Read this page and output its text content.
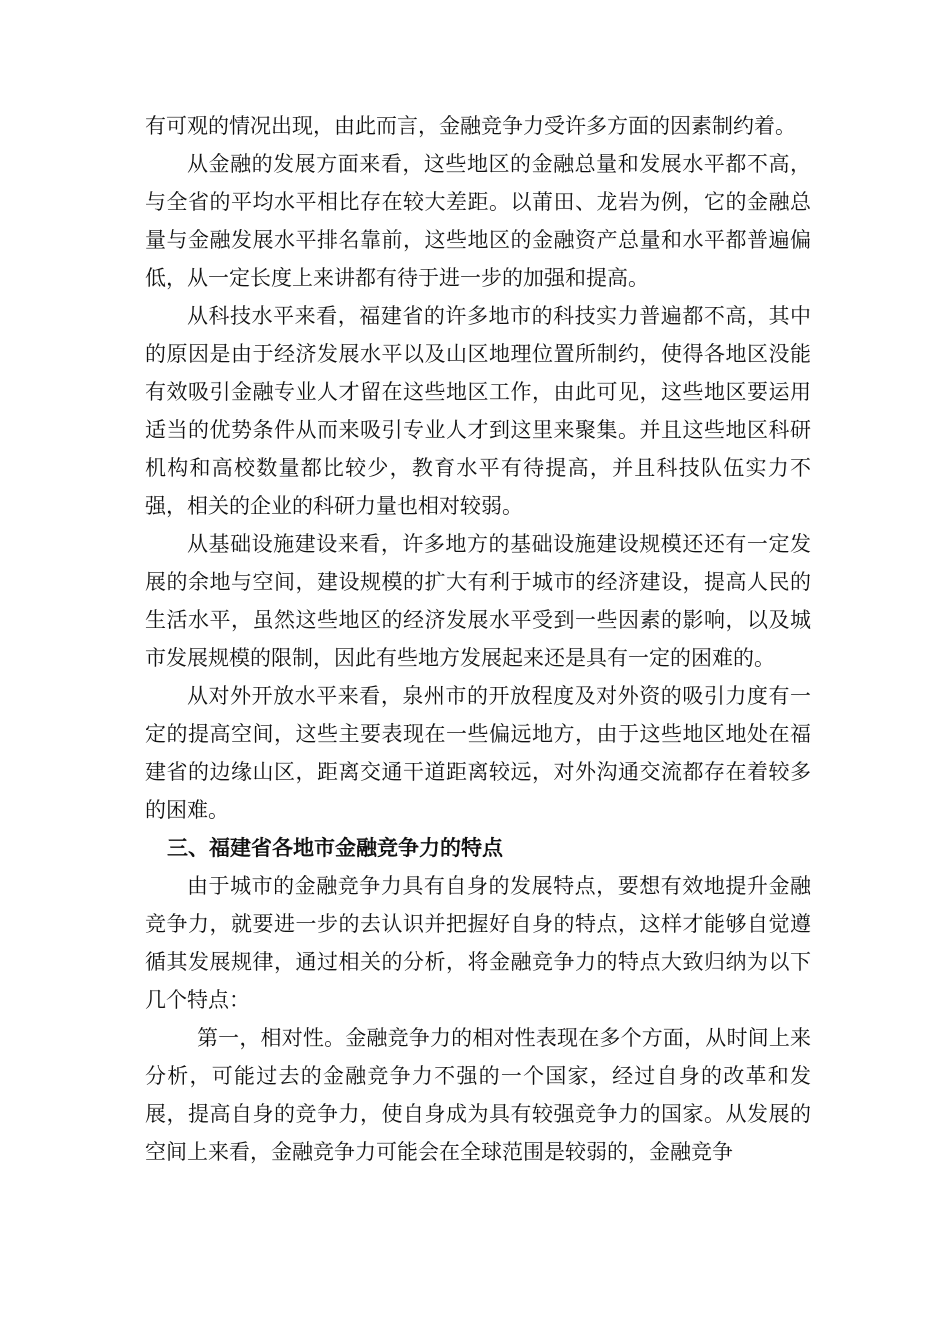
有可观的情况出现，由此而言，金融竞争力受许多方面的因素制约着。

从金融的发展方面来看，这些地区的金融总量和发展水平都不高，与全省的平均水平相比存在较大差距。以莆田、龙岩为例，它的金融总量与金融发展水平排名靠前，这些地区的金融资产总量和水平都普遍偏低，从一定长度上来讲都有待于进一步的加强和提高。

从科技水平来看，福建省的许多地市的科技实力普遍都不高，其中的原因是由于经济发展水平以及山区地理位置所制约，使得各地区没能有效吸引金融专业人才留在这些地区工作，由此可见，这些地区要运用适当的优势条件从而来吸引专业人才到这里来聚集。并且这些地区科研机构和高校数量都比较少，教育水平有待提高，并且科技队伍实力不强，相关的企业的科研力量也相对较弱。

从基础设施建设来看，许多地方的基础设施建设规模还还有一定发展的余地与空间，建设规模的扩大有利于城市的经济建设，提高人民的生活水平，虽然这些地区的经济发展水平受到一些因素的影响，以及城市发展规模的限制，因此有些地方发展起来还是具有一定的困难的。

从对外开放水平来看，泉州市的开放程度及对外资的吸引力度有一定的提高空间，这些主要表现在一些偏远地方，由于这些地区地处在福建省的边缘山区，距离交通干道距离较远，对外沟通交流都存在着较多的困难。

三、福建省各地市金融竞争力的特点

由于城市的金融竞争力具有自身的发展特点，要想有效地提升金融竞争力，就要进一步的去认识并把握好自身的特点，这样才能够自觉遵循其发展规律，通过相关的分析，将金融竞争力的特点大致归纳为以下几个特点：

第一，相对性。金融竞争力的相对性表现在多个方面，从时间上来分析，可能过去的金融竞争力不强的一个国家，经过自身的改革和发展，提高自身的竞争力，使自身成为具有较强竞争力的国家。从发展的空间上来看，金融竞争力可能会在全球范围是较弱的，金融竞争
